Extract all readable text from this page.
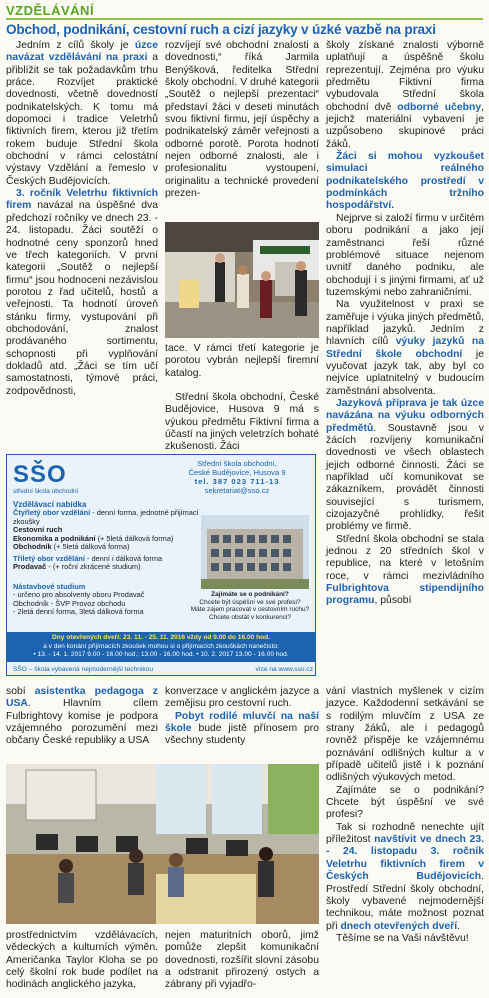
VZDĚLÁVÁNÍ
Obchod, podnikání, cestovní ruch a cizí jazyky v úzké vazbě na praxi

Jedním z cílů školy je úzce navázat vzdělávání na praxi a přiblížit se tak požadavkům trhu práce. Rozvíjet praktické dovednosti, včetně dovedností podnikatelských. K tomu má dopomoci i tradice Veletrhů fiktivních firem, kterou již třetím rokem buduje Střední škola obchodní v rámci celostátní výstavy Vzdělání a řemeslo v Českých Budějovicích.

3. ročník Veletrhu fiktivních firem navázal na úspěšné dva předchozí ročníky ve dnech 23. - 24. listopadu. Žáci soutěží o hodnotné ceny sponzorů hned ve třech kategoriích. V první kategorii „Soutěž o nejlepší firmu“ jsou hodnoceni nezávislou porotou z řad učitelů, hostů a veřejnosti. Ta hodnotí úroveň stánku firmy, vystupování při obchodování, znalost prodávaného sortimentu, schopnosti při vyplňování dokladů atd. „Žáci se tím učí samostatnosti, týmové práci, zodpovědnosti,

rozvíjejí své obchodní znalosti a dovednosti,“ říká Jarmila Benýšková, ředitelka Střední školy obchodní. V druhé kategorii „Soutěž o nejlepší prezentaci“ představí žáci v deseti minutách svou fiktivní firmu, její úspěchy a podnikatelský záměr veřejnosti a odborné porotě. Porota hodnotí nejen odborné znalosti, ale i profesionalitu vystoupení, originalitu a technické provedení prezen-

tace. V rámci třetí kategorie je porotou vybrán nejlepší firemní katalog.

Střední škola obchodní, České Budějovice, Husova 9 má s výukou předmětu Fiktivní firma a účastí na jiných veletrzích bohaté zkušenosti. Žáci

školy získané znalosti výborně uplatňují a úspěšně školu reprezentují. Zejména pro výuku předmětu Fiktivní firma vybudovala Střední škola obchodní dvě odborné učebny, jejichž materiální vybavení je uzpůsobeno skupinové práci žáků.

Žáci si mohou vyzkoušet simulaci reálného podnikatelského prostředí v podmínkách tržního hospodářství.

Nejprve si založí firmu v určitém oboru podnikání a jako její zaměstnanci řeší různé problémové situace nejenom uvnitř daného podniku, ale obchodují i s jinými firmami, ať už tuzemskými nebo zahraničními.

Na využitelnost v praxi se zaměřuje i výuka jiných předmětů, například jazyků. Jedním z hlavních cílů výuky jazyků na Střední škole obchodní je vyučovat jazyk tak, aby byl co nejvíce uplatnitelný v budoucím zaměstnání absolventa.

Jazyková příprava je tak úzce navázána na výuku odborných předmětů. Soustavně jsou v žácích rozvíjeny komunikační dovednosti ve všech oblastech jejich odborné činnosti. Žáci se například učí komunikovat se zákazníkem, provádět činnosti související s turismem, cizojazyčné prohlídky, řešit problémy ve firmě.

Střední škola obchodní se stala jednou z 20 středních škol v republice, na které v letošním roce, v rámci mezivládního Fulbrightova stipendijního programu, působí

SŠO
střední škola obchodní
Střední škola obchodní,
České Budějovice, Husova 9
tel. 387 023 711-13
sekretariat@sso.cz
Vzdělávací nabídka
Čtyřletý obor vzdělání - denní forma, jednotné přijímací zkoušky
Cestovní ruch
Ekonomika a podnikání (+ 5letá dálková forma)
Obchodník (+ 5letá dálková forma)
Tříletý obor vzdělání - denní i dálková forma
Prodavač - (+ roční zkrácené studium)
Nástavbové studium
- určeno pro absolventy oboru Prodavač
Obchodník - ŠVP Provoz obchodu
- 2letá denní forma, 3letá dálková forma
Zajímáte se o podnikání?
Chcete být úspěšní ve své profesi?
Máte zájem pracovat v cestovním ruchu?
Chcete obstát v konkurenci?
Dny otevřených dveří: 23. 11. - 25. 11. 2016 vždy od 9.00 do 16.00 hod.
a v den konání přijímacích zkoušek mohou si o přijímacích zkouškách nanečisto:
• 13. - 14. 1. 2017 9.00 - 16.00 hod.; 13.00 - 16.00 hod. • 10. 2. 2017 13.00 - 16.00 hod.
SŠO – škola vybavená nejmodernější technikou	více na www.sso.cz

sobí asistentka pedagoga z USA. Hlavním cílem Fulbrightovy komise je podpora vzájemného porozumění mezi občany České republiky a USA

konverzace v anglickém jazyce a zemějisu pro cestovní ruch.

Pobyt rodilé mluvčí na naší škole bude jistě přínosem pro všechny studenty

vání vlastních myšlenek v cizím jazyce. Každodenní setkávání se s rodilým mluvčím z USA ze strany žáků, ale i pedagogů rovněž přispěje ke vzájemnému poznávání odlišných kultur a v případě učitelů jistě i k poznání odlišných výukových metod.

Zajímáte se o podnikání? Chcete být úspěšní ve své profesi?

Tak si rozhodně nenechte ujít příležitost navštívit ve dnech 23. - 24. listopadu 3. ročník Veletrhu fiktivních firem v Českých Budějovicích. Prostředí Střední školy obchodní, školy vybavené nejmodernější technikou, máte možnost poznat při dnech otevřených dveří.

Těšíme se na Vaši návštěvu!

prostřednictvím vzdělávacích, vědeckých a kulturních výměn. Američanka Taylor Kloha se po celý školní rok bude podílet na hodinách anglického jazyka,

nejen maturitních oborů, jimž pomůže zlepšit komunikační dovednosti, rozšířit slovní zásobu a odstranit přirozený ostych a zábrany při vyjadřo-
